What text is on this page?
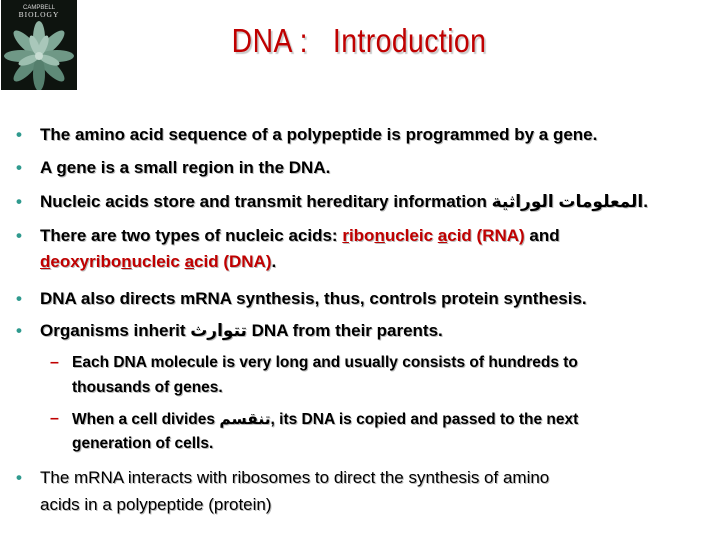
CAMPBELL
BIOLOGY
DNA :   Introduction
• The amino acid sequence of a polypeptide is programmed by a gene.
• A gene is a small region in the DNA.
• Nucleic acids store and transmit hereditary information المعلومات الوراثية.
• There are two types of nucleic acids: ribonucleic acid (RNA) and
deoxyribonucleic acid (DNA).
• DNA also directs mRNA synthesis, thus, controls protein synthesis.
• Organisms inherit تتوارث DNA from their parents.
– Each DNA molecule is very long and usually consists of hundreds to
thousands of genes.
– When a cell divides تنقسم, its DNA is copied and passed to the next
generation of cells.
• The mRNA interacts with ribosomes to direct the synthesis of amino
acids in a polypeptide (protein)
